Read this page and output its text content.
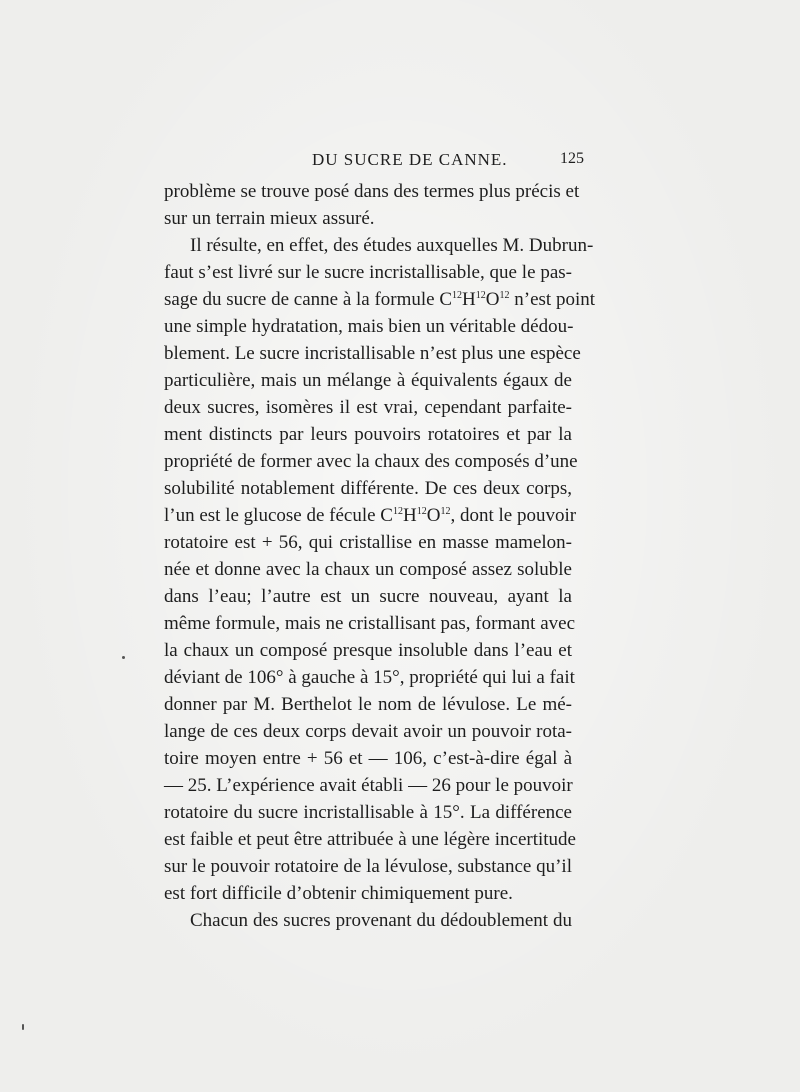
DU SUCRE DE CANNE.	125
problème se trouve posé dans des termes plus précis et
sur un terrain mieux assuré.
Il résulte, en effet, des études auxquelles M. Dubrun-
faut s’est livré sur le sucre incristallisable, que le pas-
sage du sucre de canne à la formule $C^{12}H^{12}O^{12}$ n’est point
une simple hydratation, mais bien un véritable dédou-
blement. Le sucre incristallisable n’est plus une espèce
particulière, mais un mélange à équivalents égaux de
deux sucres, isomères il est vrai, cependant parfaite-
ment distincts par leurs pouvoirs rotatoires et par la
propriété de former avec la chaux des composés d’une
solubilité notablement différente. De ces deux corps,
l’un est le glucose de fécule $C^{12}H^{12}O^{12}$, dont le pouvoir
rotatoire est + 56, qui cristallise en masse mamelon-
née et donne avec la chaux un composé assez soluble
dans l’eau; l’autre est un sucre nouveau, ayant la
même formule, mais ne cristallisant pas, formant avec
la chaux un composé presque insoluble dans l’eau et
déviant de 106° à gauche à 15°, propriété qui lui a fait
donner par M. Berthelot le nom de lévulose. Le mé-
lange de ces deux corps devait avoir un pouvoir rota-
toire moyen entre + 56 et — 106, c’est-à-dire égal à
— 25. L’expérience avait établi — 26 pour le pouvoir
rotatoire du sucre incristallisable à 15°. La différence
est faible et peut être attribuée à une légère incertitude
sur le pouvoir rotatoire de la lévulose, substance qu’il
est fort difficile d’obtenir chimiquement pure.
Chacun des sucres provenant du dédoublement du
